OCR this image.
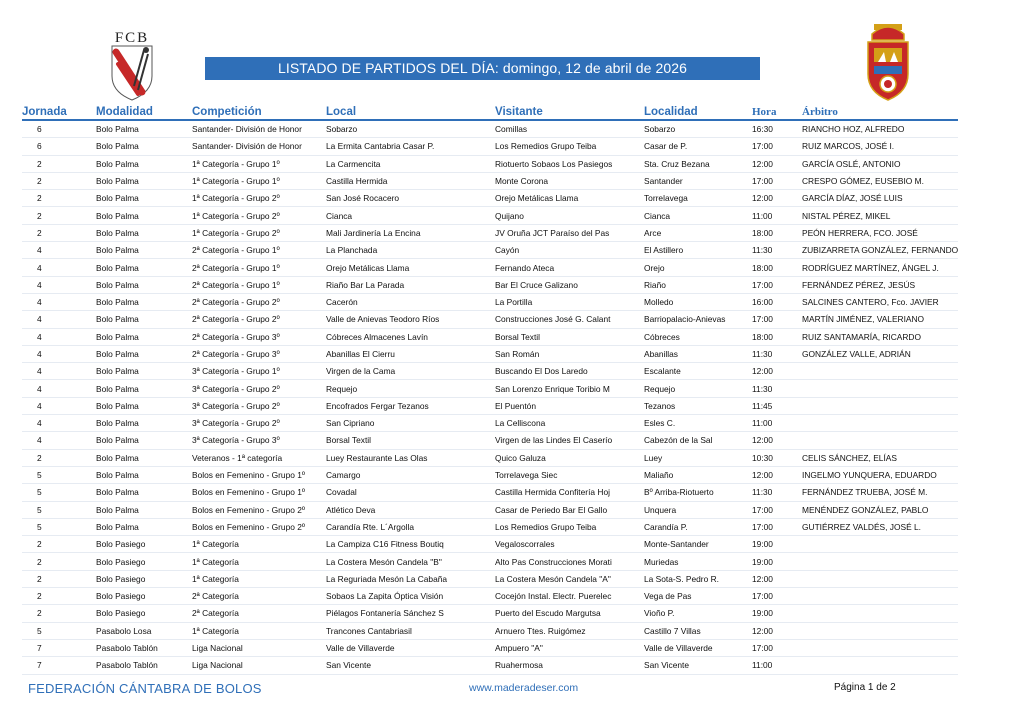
FCB
LISTADO DE PARTIDOS DEL DÍA: domingo, 12 de abril de 2026
Jornada	Modalidad	Competición	Local	Visitante	Localidad	Hora	Árbitro
6	Bolo Palma	Santander- División de Honor	Sobarzo	Comillas	Sobarzo	16:30	RIANCHO HOZ, ALFREDO
6	Bolo Palma	Santander- División de Honor	La Ermita Cantabria Casar P.	Los Remedios Grupo Teiba	Casar de P.	17:00	RUIZ MARCOS, JOSÉ I.
2	Bolo Palma	1ª Categoría - Grupo 1º	La Carmencita	Riotuerto Sobaos Los Pasiegos	Sta. Cruz Bezana	12:00	GARCÍA OSLÉ, ANTONIO
2	Bolo Palma	1ª Categoría - Grupo 1º	Castilla Hermida	Monte Corona	Santander	17:00	CRESPO GÓMEZ, EUSEBIO M.
2	Bolo Palma	1ª Categoría - Grupo 2º	San José Rocacero	Orejo Metálicas Llama	Torrelavega	12:00	GARCÍA DÍAZ, JOSÉ LUIS
2	Bolo Palma	1ª Categoría - Grupo 2º	Cianca	Quijano	Cianca	11:00	NISTAL PÉREZ, MIKEL
2	Bolo Palma	1ª Categoría - Grupo 2º	Mali Jardinería La Encina	JV Oruña JCT Paraíso del Pas	Arce	18:00	PEÓN HERRERA, FCO. JOSÉ
4	Bolo Palma	2ª Categoría - Grupo 1º	La Planchada	Cayón	El Astillero	11:30	ZUBIZARRETA GONZÁLEZ, FERNANDO
4	Bolo Palma	2ª Categoría - Grupo 1º	Orejo Metálicas Llama	Fernando Ateca	Orejo	18:00	RODRÍGUEZ MARTÍNEZ, ÁNGEL J.
4	Bolo Palma	2ª Categoría - Grupo 1º	Riaño Bar La Parada	Bar El Cruce Galizano	Riaño	17:00	FERNÁNDEZ PÉREZ, JESÚS
4	Bolo Palma	2ª Categoría - Grupo 2º	Cacerón	La Portilla	Molledo	16:00	SALCINES CANTERO, Fco. JAVIER
4	Bolo Palma	2ª Categoría - Grupo 2º	Valle de Anievas Teodoro Ríos	Construcciones José G. Calant	Barriopalacio-Anievas	17:00	MARTÍN JIMÉNEZ, VALERIANO
4	Bolo Palma	2ª Categoría - Grupo 3º	Cóbreces Almacenes Lavín	Borsal Textil	Cóbreces	18:00	RUIZ SANTAMARÍA, RICARDO
4	Bolo Palma	2ª Categoría - Grupo 3º	Abanillas El Cierru	San Román	Abanillas	11:30	GONZÁLEZ VALLE, ADRIÁN
4	Bolo Palma	3ª Categoría - Grupo 1º	Virgen de la Cama	Buscando El Dos Laredo	Escalante	12:00	
4	Bolo Palma	3ª Categoría - Grupo 2º	Requejo	San Lorenzo Enrique Toribio M	Requejo	11:30	
4	Bolo Palma	3ª Categoría - Grupo 2º	Encofrados Fergar Tezanos	El Puentón	Tezanos	11:45	
4	Bolo Palma	3ª Categoría - Grupo 2º	San Cipriano	La Celliscona	Esles C.	11:00	
4	Bolo Palma	3ª Categoría - Grupo 3º	Borsal Textil	Virgen de las Lindes El Caserío	Cabezón de la Sal	12:00	
2	Bolo Palma	Veteranos - 1ª categoría	Luey Restaurante Las Olas	Quico Galuza	Luey	10:30	CELIS SÁNCHEZ, ELÍAS
5	Bolo Palma	Bolos en Femenino - Grupo 1º	Camargo	Torrelavega Siec	Maliaño	12:00	INGELMO YUNQUERA, EDUARDO
5	Bolo Palma	Bolos en Femenino - Grupo 1º	Covadal	Castilla Hermida Confitería Hoj	Bº Arriba-Riotuerto	11:30	FERNÁNDEZ TRUEBA, JOSÉ M.
5	Bolo Palma	Bolos en Femenino - Grupo 2º	Atlético Deva	Casar de Periedo Bar El Gallo	Unquera	17:00	MENÉNDEZ GONZÁLEZ, PABLO
5	Bolo Palma	Bolos en Femenino - Grupo 2º	Carandía Rte. L´Argolla	Los Remedios Grupo Teiba	Carandía P.	17:00	GUTIÉRREZ VALDÉS, JOSÉ L.
2	Bolo Pasiego	1ª Categoría	La Campiza C16 Fitness Boutiq	Vegaloscorrales	Monte-Santander	19:00	
2	Bolo Pasiego	1ª Categoría	La Costera Mesón Candela "B"	Alto Pas Construcciones Morati	Muriedas	19:00	
2	Bolo Pasiego	1ª Categoría	La Reguriada Mesón La Cabaña	La Costera Mesón Candela "A"	La Sota-S. Pedro R.	12:00	
2	Bolo Pasiego	2ª Categoría	Sobaos La Zapita Óptica Visión	Cocejón Instal. Electr. Puerelec	Vega de Pas	17:00	
2	Bolo Pasiego	2ª Categoría	Piélagos Fontanería Sánchez S	Puerto del Escudo Margutsa	Vioño P.	19:00	
5	Pasabolo Losa	1ª Categoría	Trancones Cantabriasil	Arnuero Ttes. Ruigómez	Castillo 7 Villas	12:00	
7	Pasabolo Tablón	Liga Nacional	Valle de Villaverde	Ampuero "A"	Valle de Villaverde	17:00	
7	Pasabolo Tablón	Liga Nacional	San Vicente	Ruahermosa	San Vicente	11:00	
FEDERACIÓN CÁNTABRA DE BOLOS	www.maderadeser.com	Página 1 de 2
